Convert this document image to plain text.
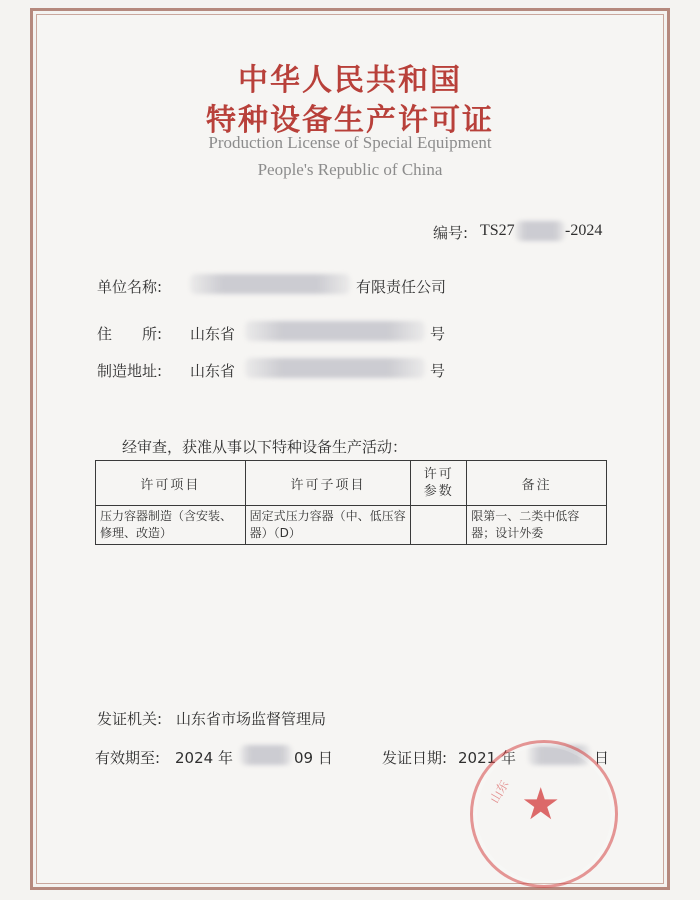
中华人民共和国
特种设备生产许可证
Production License of Special Equipment
People's Republic of China
编号: TS27	-2024
单位名称:	有限责任公司
住　　所: 山东省	号
制造地址: 山东省	号
经审查，获准从事以下特种设备生产活动：
许可项目	许可子项目	许可参数	备注
压力容器制造（含安装、修理、改造）	固定式压力容器（中、低压容器）（D）		限第一、二类中低容器；设计外委
发证机关: 山东省市场监督管理局
有效期至: 2024 年	09 日	发证日期: 2021 年	日
★
山东
